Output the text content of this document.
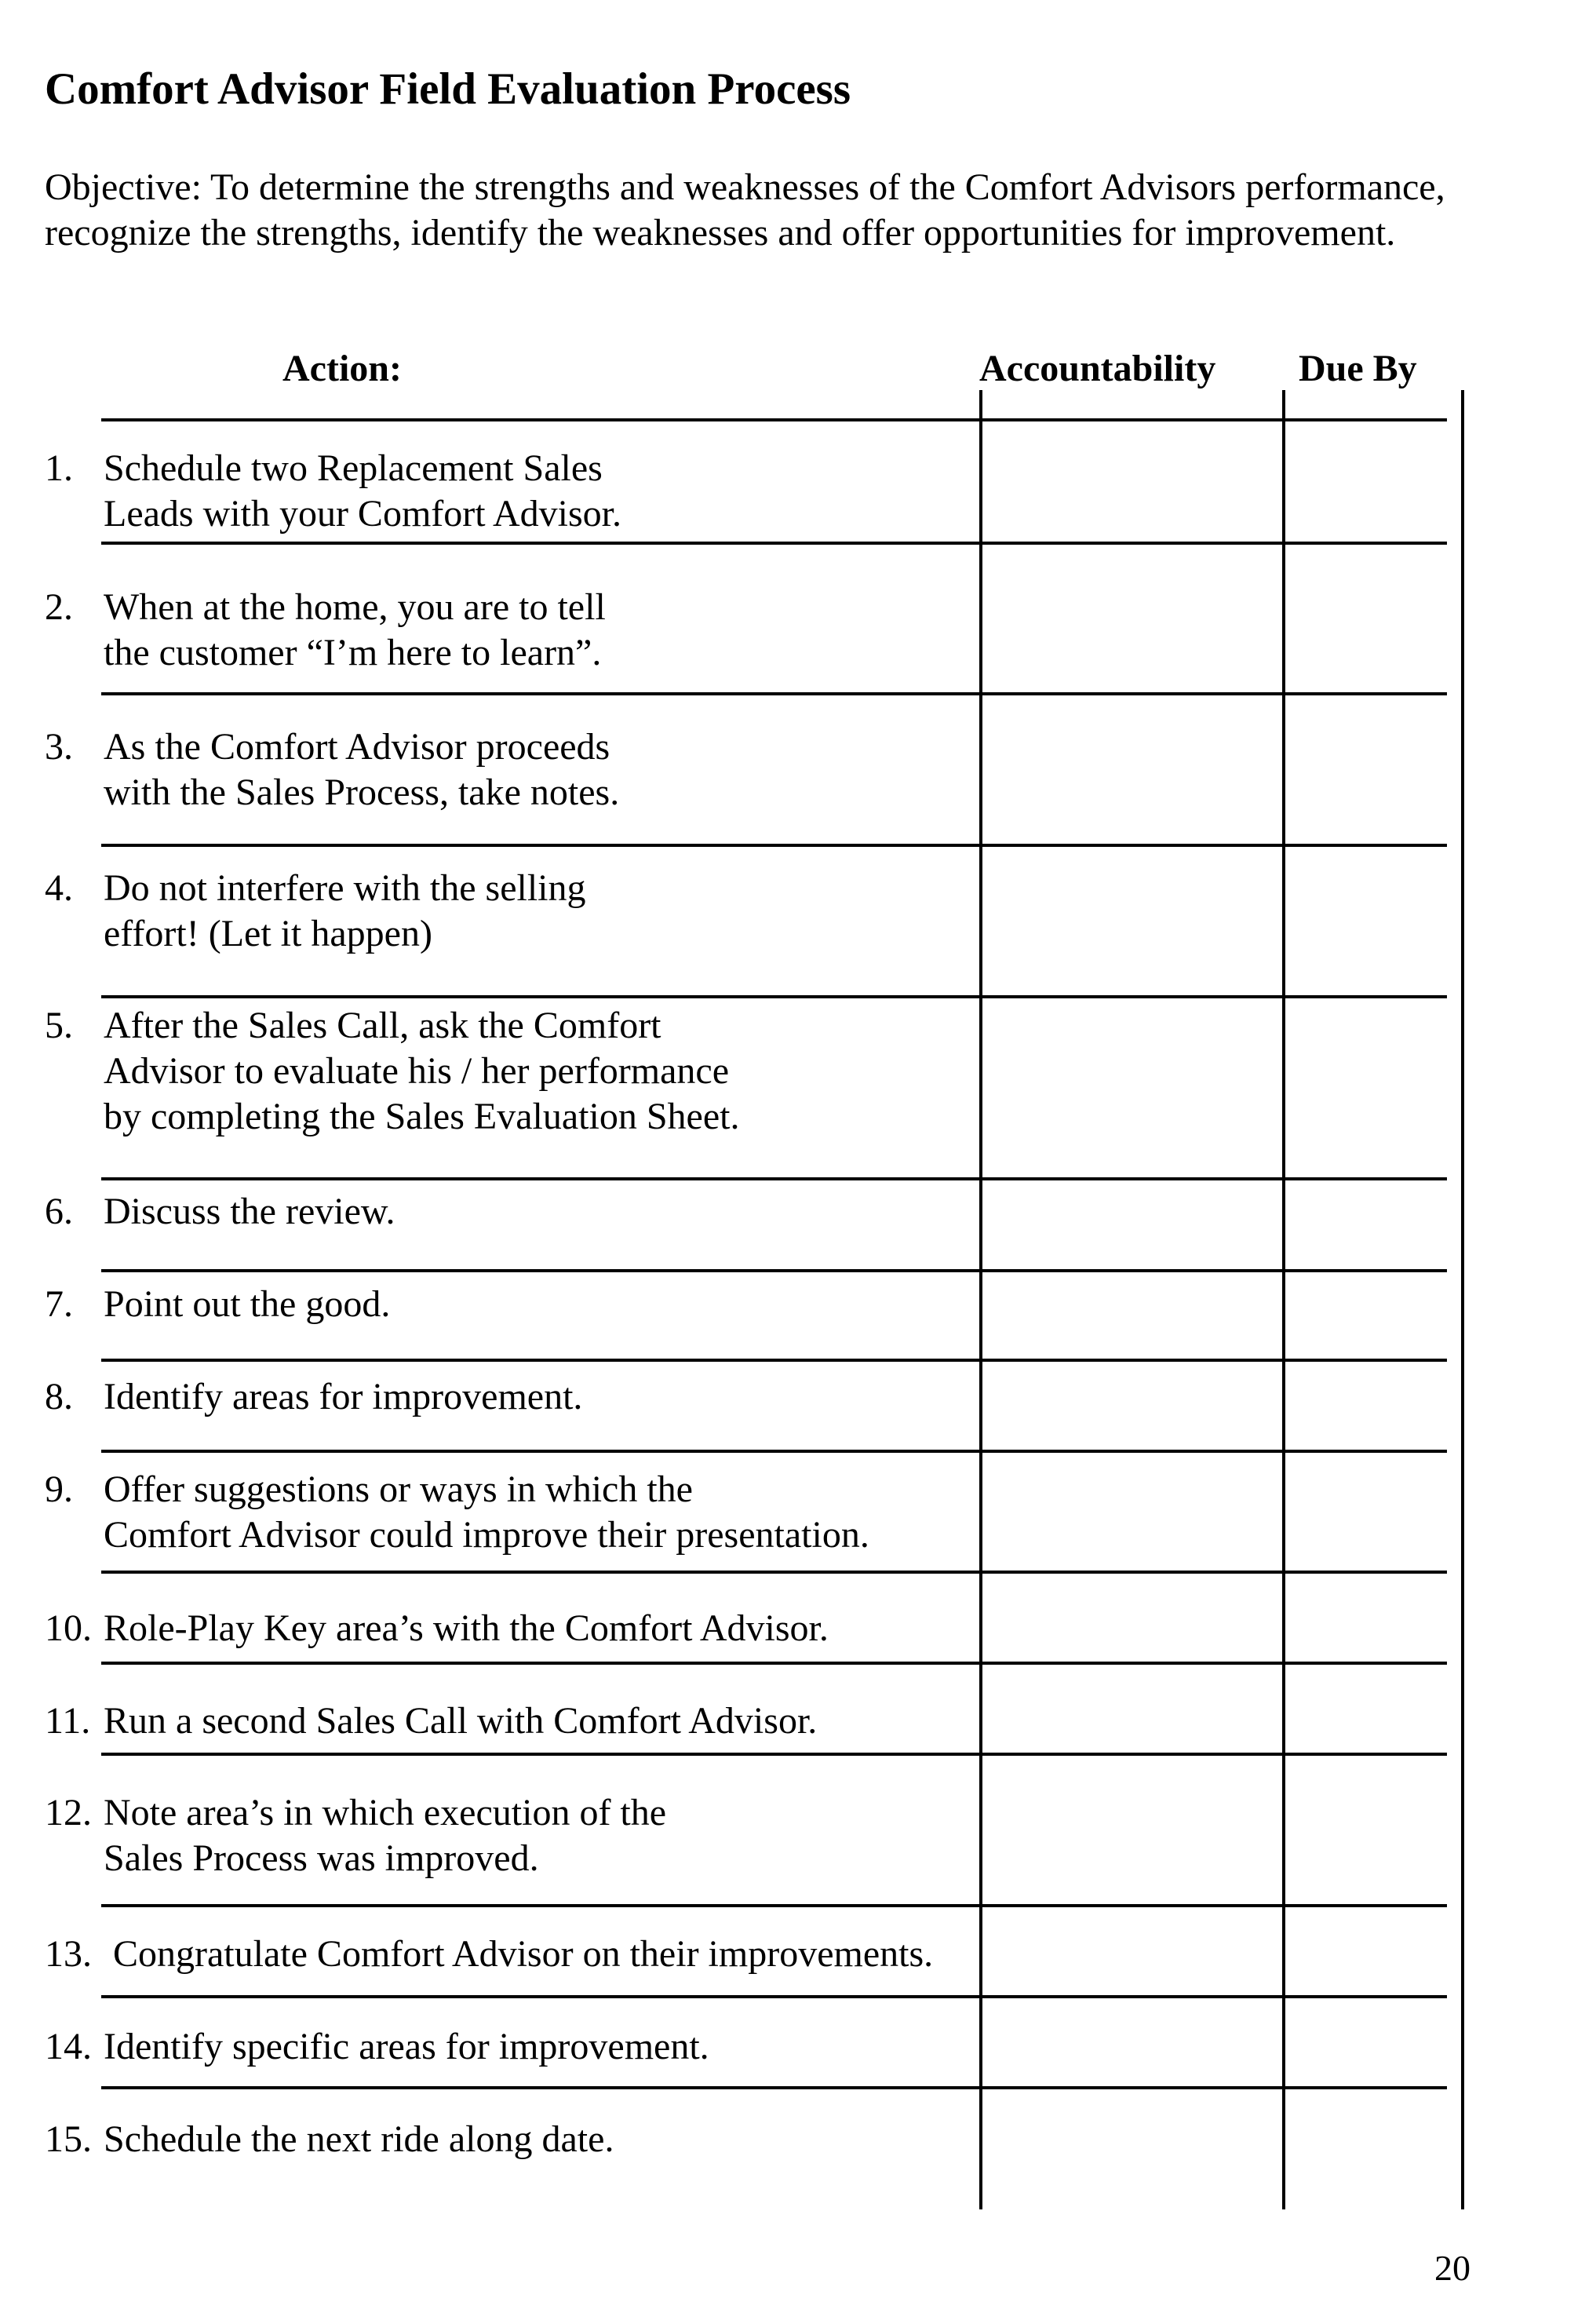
Comfort Advisor Field Evaluation Process

Objective: To determine the strengths and weaknesses of the Comfort Advisors performance, recognize the strengths, identify the weaknesses and offer opportunities for improvement.

Action:	Accountability Due By
1. Schedule two Replacement Sales
Leads with your Comfort Advisor.
2. When at the home, you are to tell
the customer “I’m here to learn”.
3. As the Comfort Advisor proceeds
with the Sales Process, take notes.
4. Do not interfere with the selling
effort! (Let it happen)
5. After the Sales Call, ask the Comfort
Advisor to evaluate his / her performance
by completing the Sales Evaluation Sheet.
6. Discuss the review.
7. Point out the good.
8. Identify areas for improvement.
9. Offer suggestions or ways in which the
Comfort Advisor could improve their presentation.
10. Role-Play Key area’s with the Comfort Advisor.
11. Run a second Sales Call with Comfort Advisor.
12. Note area’s in which execution of the
Sales Process was improved.
13. Congratulate Comfort Advisor on their improvements.
14. Identify specific areas for improvement.
15. Schedule the next ride along date.
20
